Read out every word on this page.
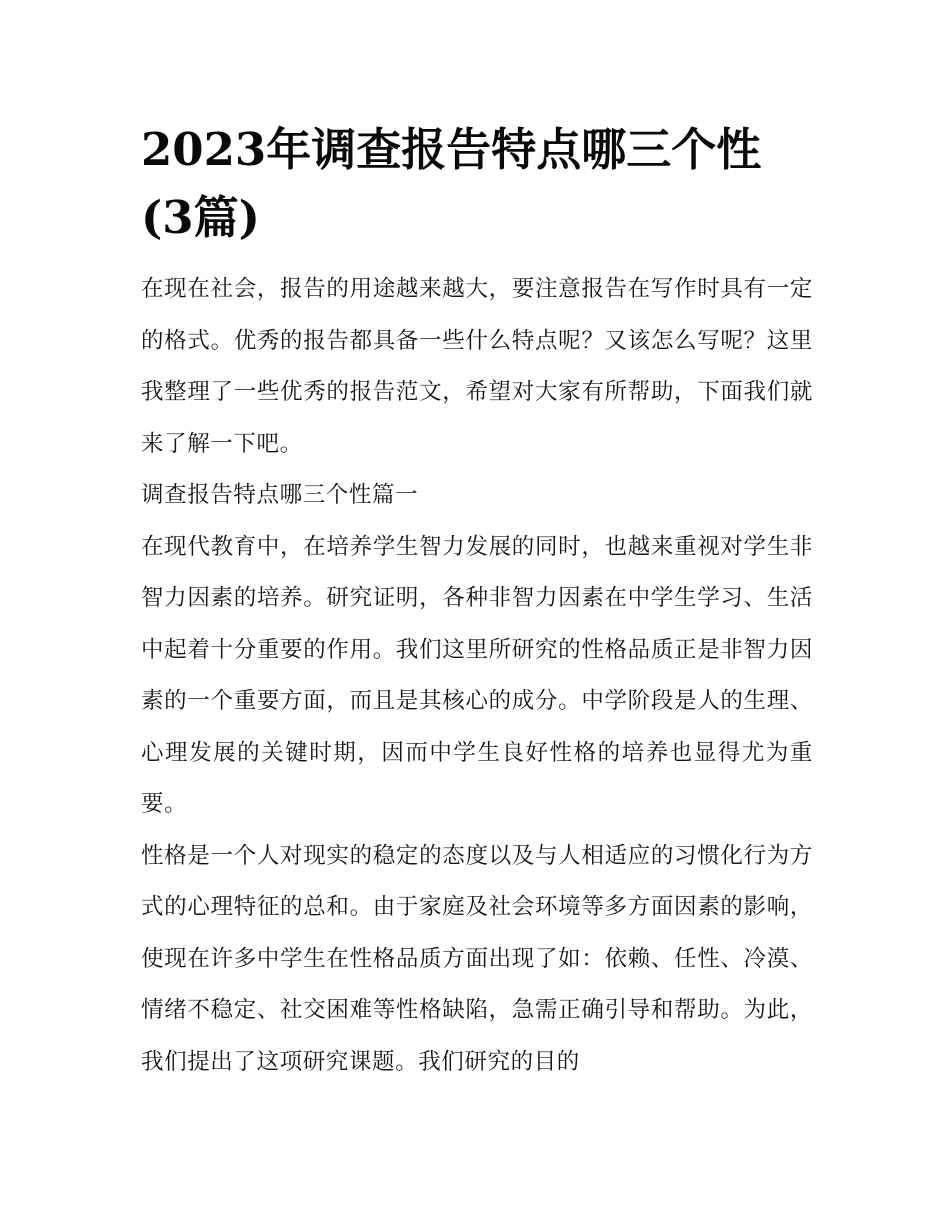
2023年调查报告特点哪三个性(3篇)

在现在社会，报告的用途越来越大，要注意报告在写作时具有一定的格式。优秀的报告都具备一些什么特点呢？又该怎么写呢？这里我整理了一些优秀的报告范文，希望对大家有所帮助，下面我们就来了解一下吧。

调查报告特点哪三个性篇一

在现代教育中，在培养学生智力发展的同时，也越来重视对学生非智力因素的培养。研究证明，各种非智力因素在中学生学习、生活中起着十分重要的作用。我们这里所研究的性格品质正是非智力因素的一个重要方面，而且是其核心的成分。中学阶段是人的生理、心理发展的关键时期，因而中学生良好性格的培养也显得尤为重要。

性格是一个人对现实的稳定的态度以及与人相适应的习惯化行为方式的心理特征的总和。由于家庭及社会环境等多方面因素的影响，使现在许多中学生在性格品质方面出现了如：依赖、任性、冷漠、情绪不稳定、社交困难等性格缺陷，急需正确引导和帮助。为此，我们提出了这项研究课题。我们研究的目的
